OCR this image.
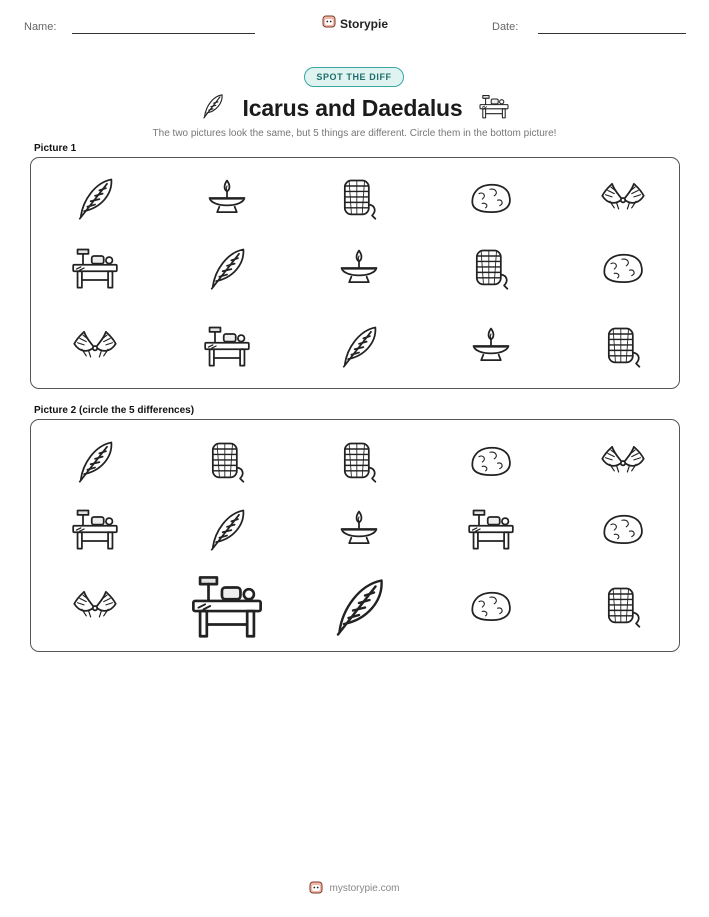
Name:	Storypie	Date:
SPOT THE DIFF
Icarus and Daedalus
The two pictures look the same, but 5 things are different. Circle them in the bottom picture!
Picture 1
Picture 2 (circle the 5 differences)
mystorypie.com
